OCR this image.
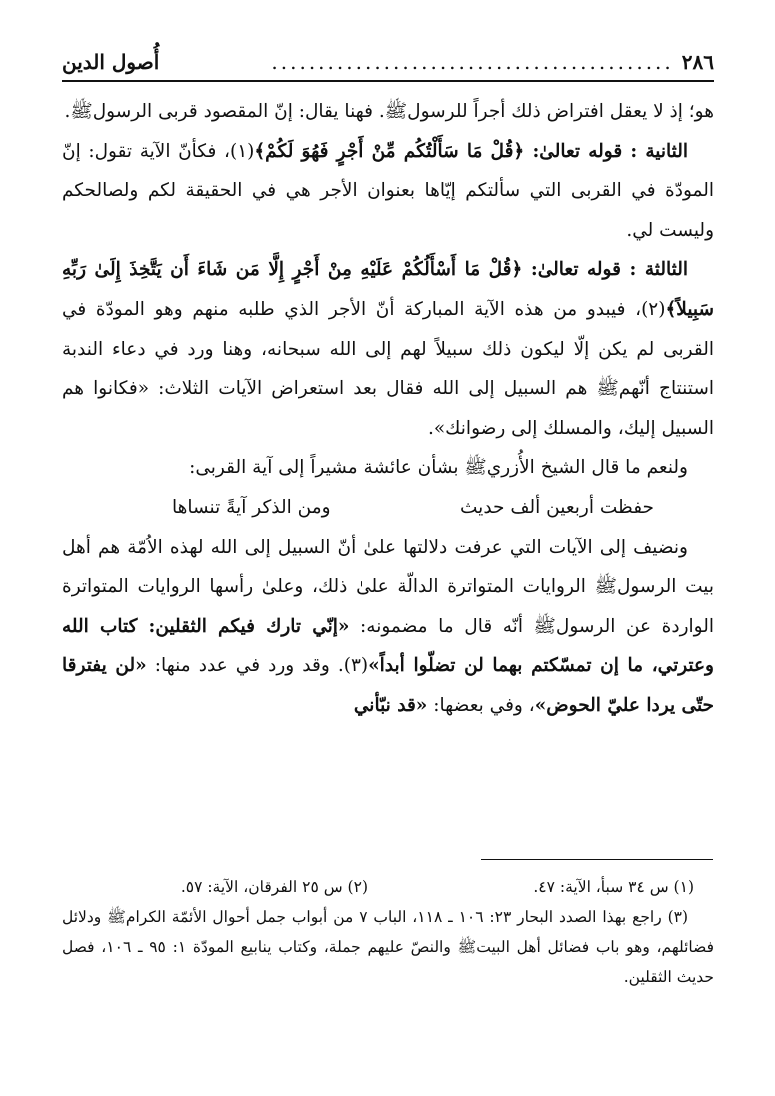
٢٨٦
...........................................
أُصول الدين

هو؛ إذ لا يعقل افتراض ذلك أجراً للرسولﷺ. فهنا يقال: إنّ المقصود قربى الرسولﷺ.

الثانية : قوله تعالىٰ: ﴿قُلْ مَا سَأَلْتُكُم مِّنْ أَجْرٍ فَهُوَ لَكُمْ﴾(١)، فكأنّ الآية تقول: إنّ المودّة في القربى التي سألتكم إيّاها بعنوان الأجر هي في الحقيقة لكم ولصالحكم وليست لي.

الثالثة : قوله تعالىٰ: ﴿قُلْ مَا أَسْأَلُكُمْ عَلَيْهِ مِنْ أَجْرٍ إِلَّا مَن شَاءَ أَن يَتَّخِذَ إِلَىٰ رَبِّهِ سَبِيلاً﴾(٢)، فيبدو من هذه الآية المباركة أنّ الأجر الذي طلبه منهم وهو المودّة في القربى لم يكن إلّا ليكون ذلك سبيلاً لهم إلى الله سبحانه، وهنا ورد في دعاء الندبة استنتاج أنّهمﷺ هم السبيل إلى الله فقال بعد استعراض الآيات الثلاث: «فكانوا هم السبيل إليك، والمسلك إلى رضوانك».

ولنعم ما قال الشيخ الأُزريﷺ بشأن عائشة مشيراً إلى آية القربى:

حفظت أربعين ألف حديث
ومن الذكر آيةً تنساها

ونضيف إلى الآيات التي عرفت دلالتها علىٰ أنّ السبيل إلى الله لهذه الاُمّة هم أهل بيت الرسولﷺ الروايات المتواترة الدالّة علىٰ ذلك، وعلىٰ رأسها الروايات المتواترة الواردة عن الرسولﷺ أنّه قال ما مضمونه: «إنّي تارك فيكم الثقلين: كتاب الله وعترتي، ما إن تمسّكتم بهما لن تضلّوا أبداً»(٣). وقد ورد في عدد منها: «لن يفترقا حتّى يردا عليّ الحوض»، وفي بعضها: «قد نبّأني

(١) س ٣٤ سبأ، الآية: ٤٧.
(٢) س ٢٥ الفرقان، الآية: ٥٧.

(٣) راجع بهذا الصدد البحار ٢٣: ١٠٦ ـ ١١٨، الباب ٧ من أبواب جمل أحوال الأئمّة الكرامﷺ ودلائل فضائلهم، وهو باب فضائل أهل البيتﷺ والنصّ عليهم جملة، وكتاب ينابيع المودّة ١: ٩٥ ـ ١٠٦، فصل حديث الثقلين.
